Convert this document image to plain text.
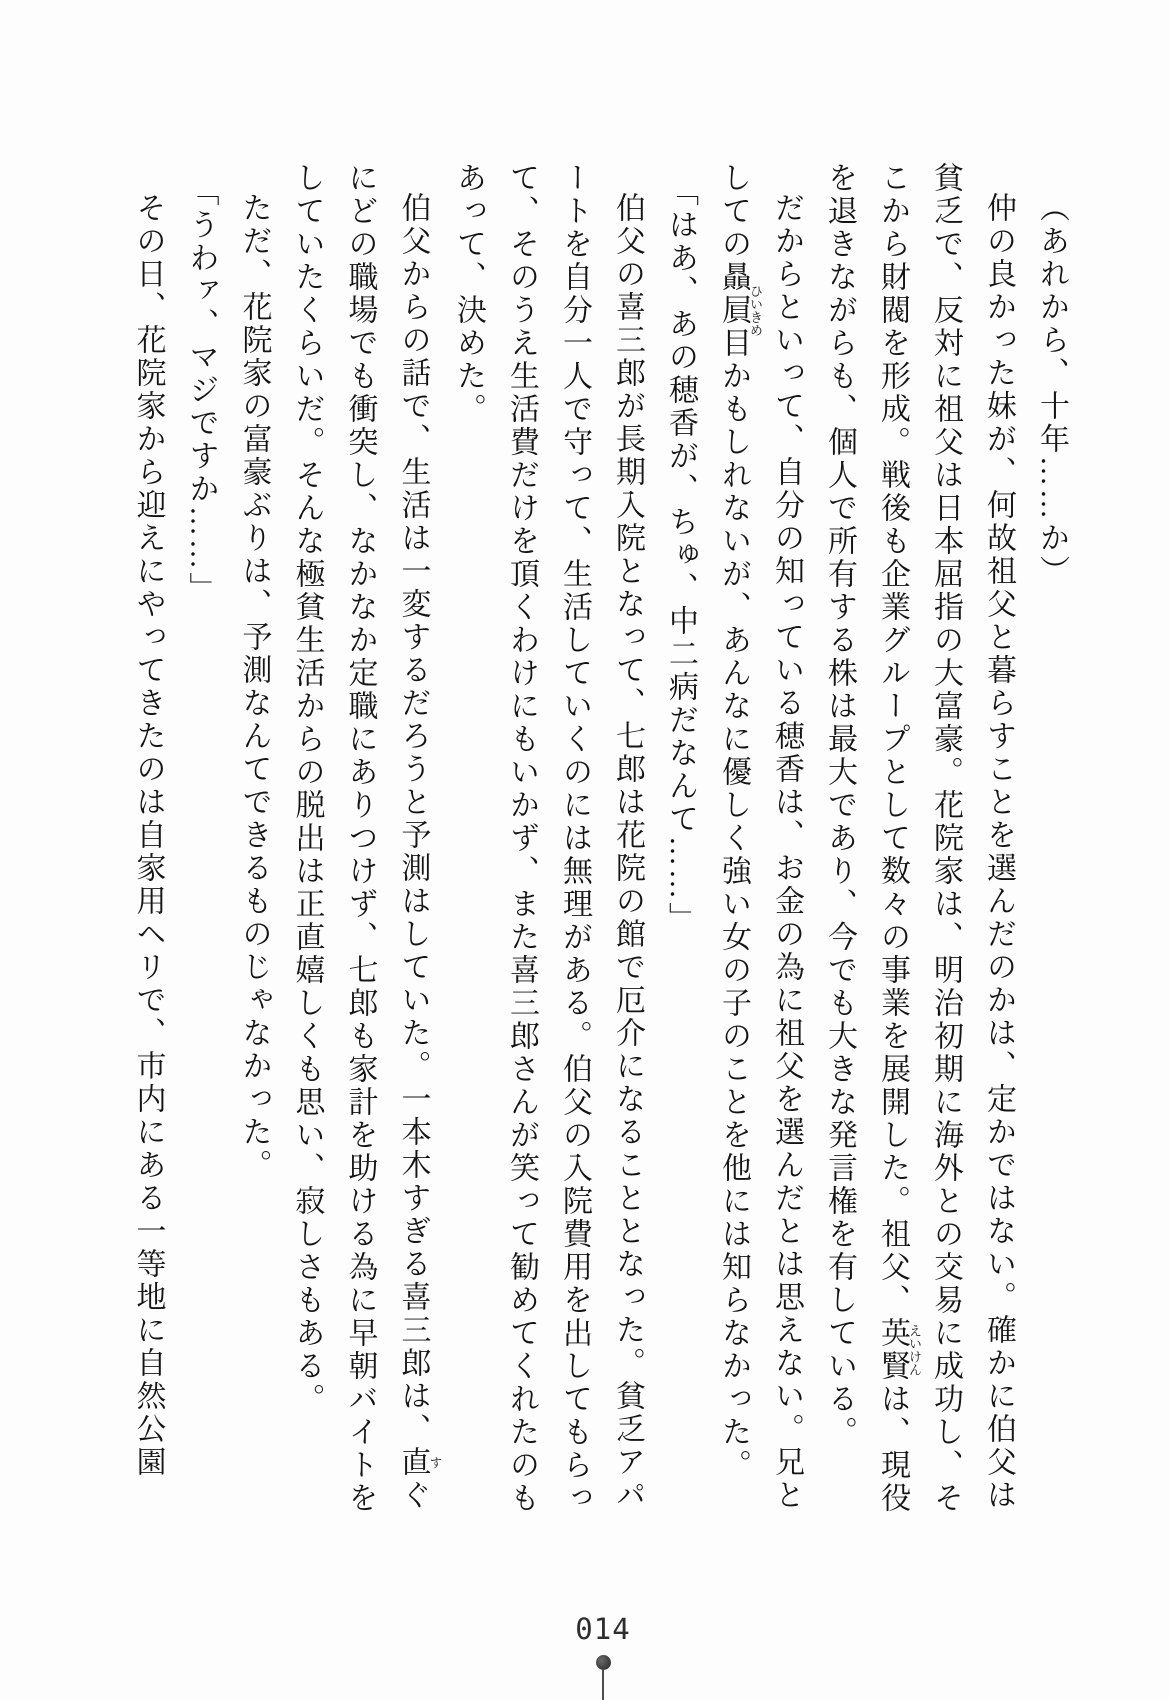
（あれから、十年……か）

仲の良かった妹が、何故祖父と暮らすことを選んだのかは、定かではない。確かに伯父は貧乏で、反対に祖父は日本屈指の大富豪。花院家は、明治初期に海外との交易に成功し、そこから財閥を形成。戦後も企業グループとして数々の事業を展開した。祖父、英賢えいけんは、現役を退きながらも、個人で所有する株は最大であり、今でも大きな発言権を有している。

だからといって、自分の知っている穂香は、お金の為に祖父を選んだとは思えない。兄としての贔屓目ひいきめかもしれないが、あんなに優しく強い女の子のことを他には知らなかった。

「はあ、あの穂香が、ちゅ、中二病だなんて……」

伯父の喜三郎が長期入院となって、七郎は花院の館で厄介になることとなった。貧乏アパートを自分一人で守って、生活していくのには無理がある。伯父の入院費用を出してもらって、そのうえ生活費だけを頂くわけにもいかず、また喜三郎さんが笑って勧めてくれたのもあって、決めた。

伯父からの話で、生活は一変するだろうと予測はしていた。一本木すぎる喜三郎は、直すぐにどの職場でも衝突し、なかなか定職にありつけず、七郎も家計を助ける為に早朝バイトをしていたくらいだ。そんな極貧生活からの脱出は正直嬉しくも思い、寂しさもある。

ただ、花院家の富豪ぶりは、予測なんてできるものじゃなかった。

「うわァ、マジですか……」

その日、花院家から迎えにやってきたのは自家用ヘリで、市内にある一等地に自然公園

014
